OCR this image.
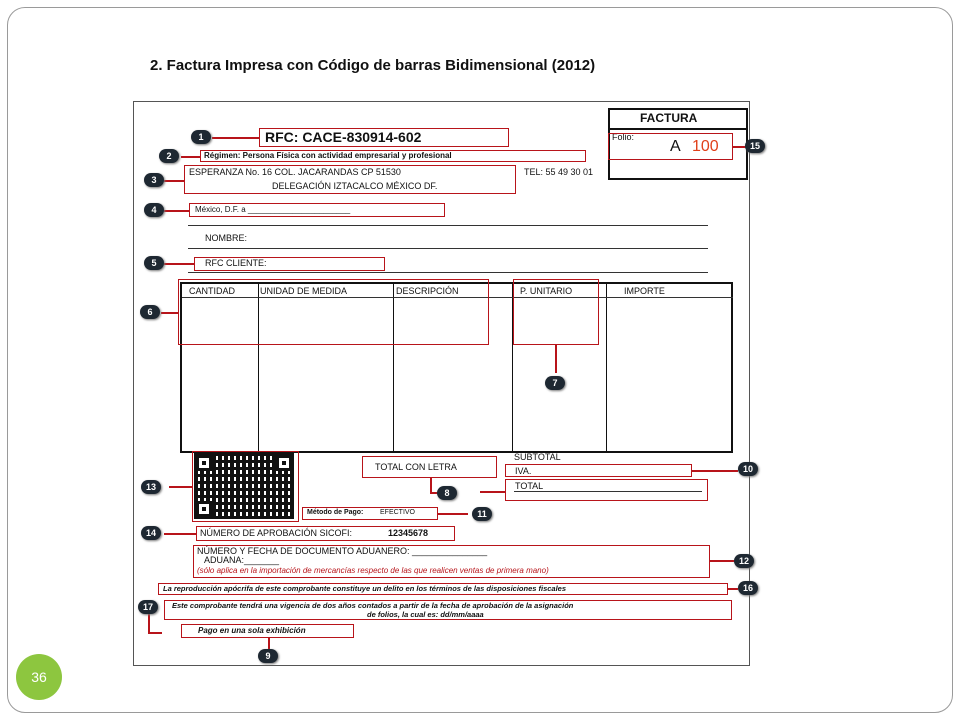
2. Factura Impresa con Código de barras Bidimensional (2012)
FACTURA
Folio:
A 100
RFC: CACE-830914-602
Régimen: Persona Física con actividad empresarial y profesional
ESPERANZA No. 16 COL. JACARANDAS CP 51530
DELEGACIÓN IZTACALCO MÉXICO DF.
TEL: 55 49 30 01
México, D.F. a _______________________
NOMBRE:
RFC CLIENTE:
CANTIDAD	UNIDAD DE MEDIDA	DESCRIPCIÓN	P. UNITARIO	IMPORTE
SUBTOTAL
IVA.
TOTAL
TOTAL CON LETRA
Método de Pago: EFECTIVO
NÚMERO DE APROBACIÓN SICOFI:	12345678
NÚMERO Y FECHA DE DOCUMENTO ADUANERO: _______________
ADUANA:_______
(sólo aplica en la importación de mercancías respecto de las que realicen ventas de primera mano)
La reproducción apócrifa de este comprobante constituye un delito en los términos de las disposiciones fiscales
Este comprobante tendrá una vigencia de dos años contados a partir de la fecha de aprobación de la asignación
de folios, la cual es: dd/mm/aaaa
Pago en una sola exhibición
1
2
3
4
5
6
7
8
9
10
11
12
13
14
15
16
17
36
